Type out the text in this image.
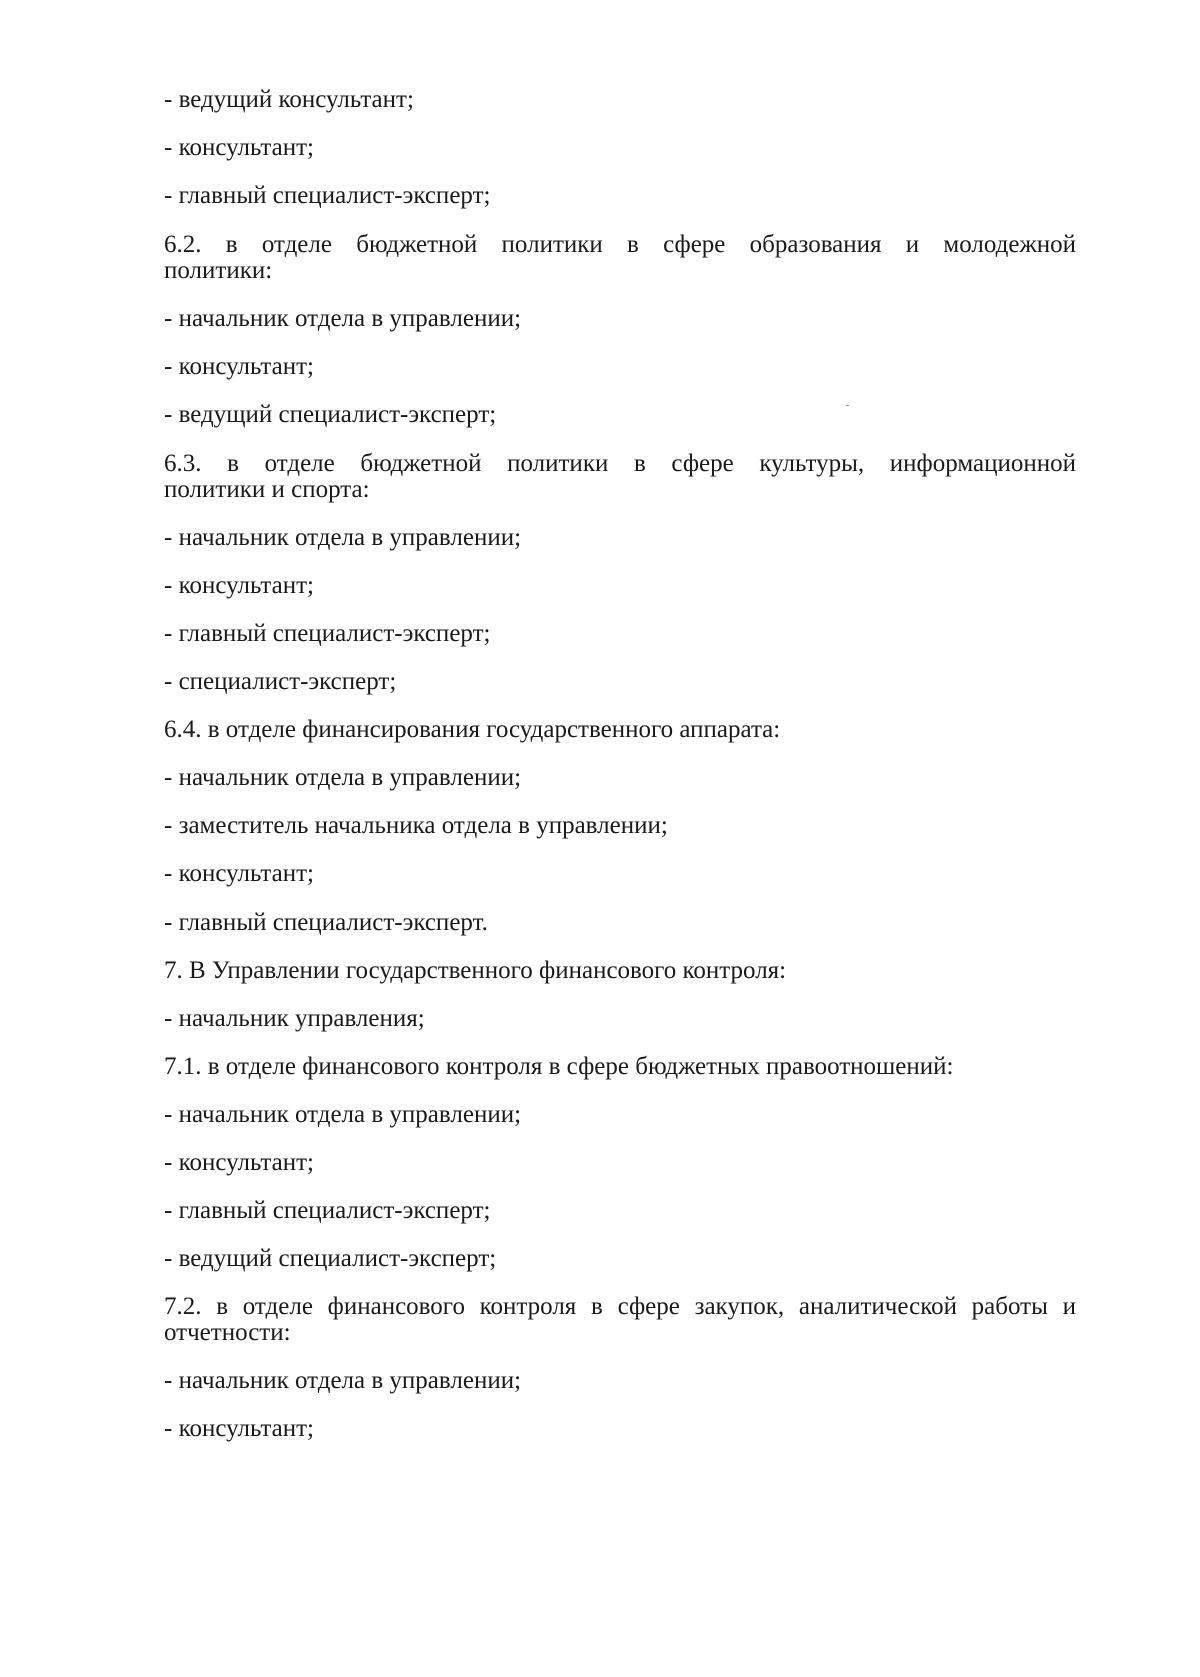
- ведущий консультант;
- консультант;
- главный специалист-эксперт;
6.2. в отделе бюджетной политики в сфере образования и молодежной
политики:
- начальник отдела в управлении;
- консультант;
- ведущий специалист-эксперт;
6.3. в отделе бюджетной политики в сфере культуры, информационной
политики и спорта:
- начальник отдела в управлении;
- консультант;
- главный специалист-эксперт;
- специалист-эксперт;
6.4. в отделе финансирования государственного аппарата:
- начальник отдела в управлении;
- заместитель начальника отдела в управлении;
- консультант;
- главный специалист-эксперт.
7. В Управлении государственного финансового контроля:
- начальник управления;
7.1. в отделе финансового контроля в сфере бюджетных правоотношений:
- начальник отдела в управлении;
- консультант;
- главный специалист-эксперт;
- ведущий специалист-эксперт;
7.2. в отделе финансового контроля в сфере закупок, аналитической работы и
отчетности:
- начальник отдела в управлении;
- консультант;
